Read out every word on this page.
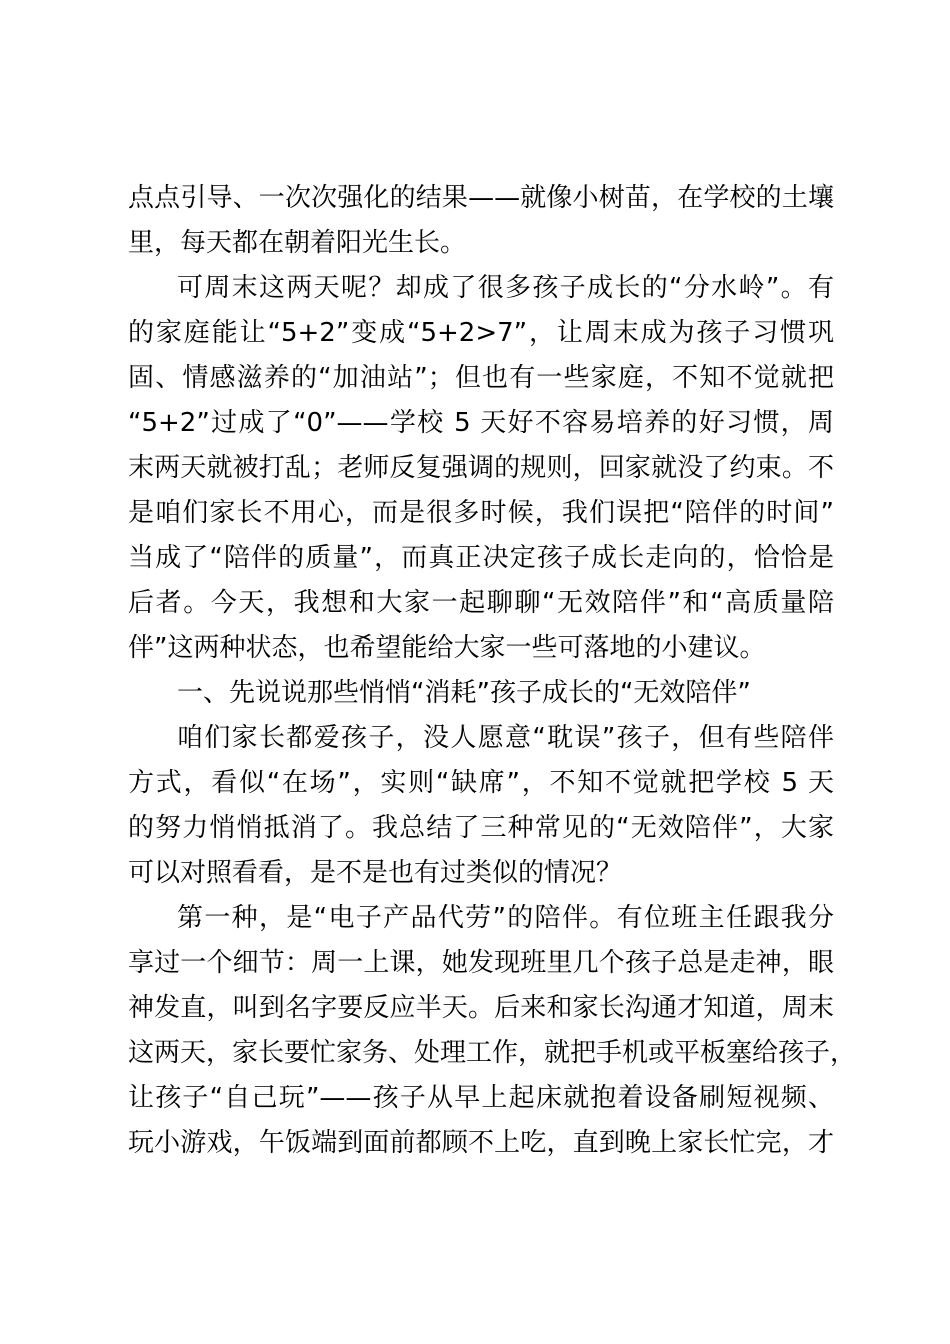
点点引导、一次次强化的结果——就像小树苗，在学校的土壤
里，每天都在朝着阳光生长。
可周末这两天呢？却成了很多孩子成长的“分水岭”。有
的家庭能让“5+2”变成“5+2>7”，让周末成为孩子习惯巩
固、情感滋养的“加油站”；但也有一些家庭，不知不觉就把
“5+2”过成了“0”——学校 5 天好不容易培养的好习惯，周
末两天就被打乱；老师反复强调的规则，回家就没了约束。不
是咱们家长不用心，而是很多时候，我们误把“陪伴的时间”
当成了“陪伴的质量”，而真正决定孩子成长走向的，恰恰是
后者。今天，我想和大家一起聊聊“无效陪伴”和“高质量陪
伴”这两种状态，也希望能给大家一些可落地的小建议。
一、先说说那些悄悄“消耗”孩子成长的“无效陪伴”
咱们家长都爱孩子，没人愿意“耽误”孩子，但有些陪伴
方式，看似“在场”，实则“缺席”，不知不觉就把学校 5 天
的努力悄悄抵消了。我总结了三种常见的“无效陪伴”，大家
可以对照看看，是不是也有过类似的情况？
第一种，是“电子产品代劳”的陪伴。有位班主任跟我分
享过一个细节：周一上课，她发现班里几个孩子总是走神，眼
神发直，叫到名字要反应半天。后来和家长沟通才知道，周末
这两天，家长要忙家务、处理工作，就把手机或平板塞给孩子，
让孩子“自己玩”——孩子从早上起床就抱着设备刷短视频、
玩小游戏，午饭端到面前都顾不上吃，直到晚上家长忙完，才
